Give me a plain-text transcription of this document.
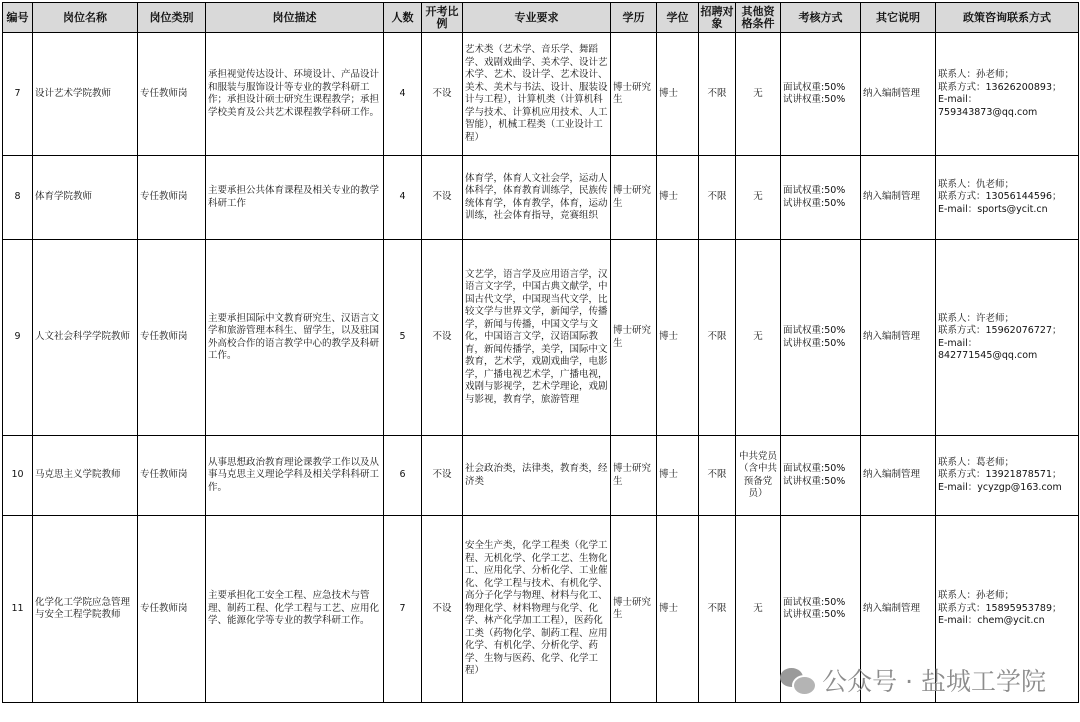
编号	岗位名称	岗位类别	岗位描述	人数	开考比例	专业要求	学历	学位	招聘对象	其他资格条件	考核方式	其它说明	政策咨询联系方式
7	设计艺术学院教师	专任教师岗	承担视觉传达设计、环境设计、产品设计和服装与服饰设计等专业的教学科研工作；承担设计硕士研究生课程教学；承担学校美育及公共艺术课程教学科研工作。	4	不设	艺术类（艺术学、音乐学、舞蹈学、戏剧戏曲学、美术学、设计艺术学、艺术、设计学、艺术设计、美术、美术与书法、设计、服装设计与工程），计算机类（计算机科学与技术、计算机应用技术、人工智能），机械工程类（工业设计工程）	博士研究生	博士	不限	无	面试权重:50%
试讲权重:50%	纳入编制管理	联系人：孙老师；
联系方式：13626200893；
E-mail：759343873@qq.com
8	体育学院教师	专任教师岗	主要承担公共体育课程及相关专业的教学科研工作	4	不设	体育学，体育人文社会学，运动人体科学，体育教育训练学，民族传统体育学，体育教学，体育，运动训练，社会体育指导，竞赛组织	博士研究生	博士	不限	无	面试权重:50%
试讲权重:50%	纳入编制管理	联系人：仇老师；
联系方式：13056144596；
E-mail：sports@ycit.cn
9	人文社会科学学院教师	专任教师岗	主要承担国际中文教育研究生、汉语言文学和旅游管理本科生、留学生，以及驻国外高校合作的语言教学中心的教学及科研工作。	5	不设	文艺学，语言学及应用语言学，汉语言文字学，中国古典文献学，中国古代文学，中国现当代文学，比较文学与世界文学，新闻学，传播学，新闻与传播，中国文学与文化，中国语言文学，汉语国际教育，新闻传播学，美学，国际中文教育，艺术学，戏剧戏曲学，电影学，广播电视艺术学，广播电视，戏剧与影视学，艺术学理论，戏剧与影视，教育学，旅游管理	博士研究生	博士	不限	无	面试权重:50%
试讲权重:50%	纳入编制管理	联系人：许老师；
联系方式：15962076727；
E-mail：842771545@qq.com
10	马克思主义学院教师	专任教师岗	从事思想政治教育理论课教学工作以及从事马克思主义理论学科及相关学科科研工作。	6	不设	社会政治类，法律类，教育类，经济类	博士研究生	博士	不限	中共党员（含中共预备党员）	面试权重:50%
试讲权重:50%	纳入编制管理	联系人：葛老师；
联系方式：13921878571；
E-mail：ycyzgp@163.com
11	化学化工学院应急管理与安全工程学院教师	专任教师岗	主要承担化工安全工程、应急技术与管理、制药工程、化学工程与工艺、应用化学、能源化学等专业的教学科研工作。	7	不设	安全生产类，化学工程类（化学工程、无机化学、化学工艺、生物化工、应用化学、分析化学、工业催化、化学工程与技术、有机化学、高分子化学与物理、材料与化工、物理化学、材料物理与化学、化学、林产化学加工工程），医药化工类（药物化学、制药工程、应用化学、有机化学、分析化学、药学、生物与医药、化学、化学工程）	博士研究生	博士	不限	无	面试权重:50%
试讲权重:50%	纳入编制管理	联系人：孙老师；
联系方式：15895953789；
E-mail：chem@ycit.cn
公众号 · 盐城工学院
